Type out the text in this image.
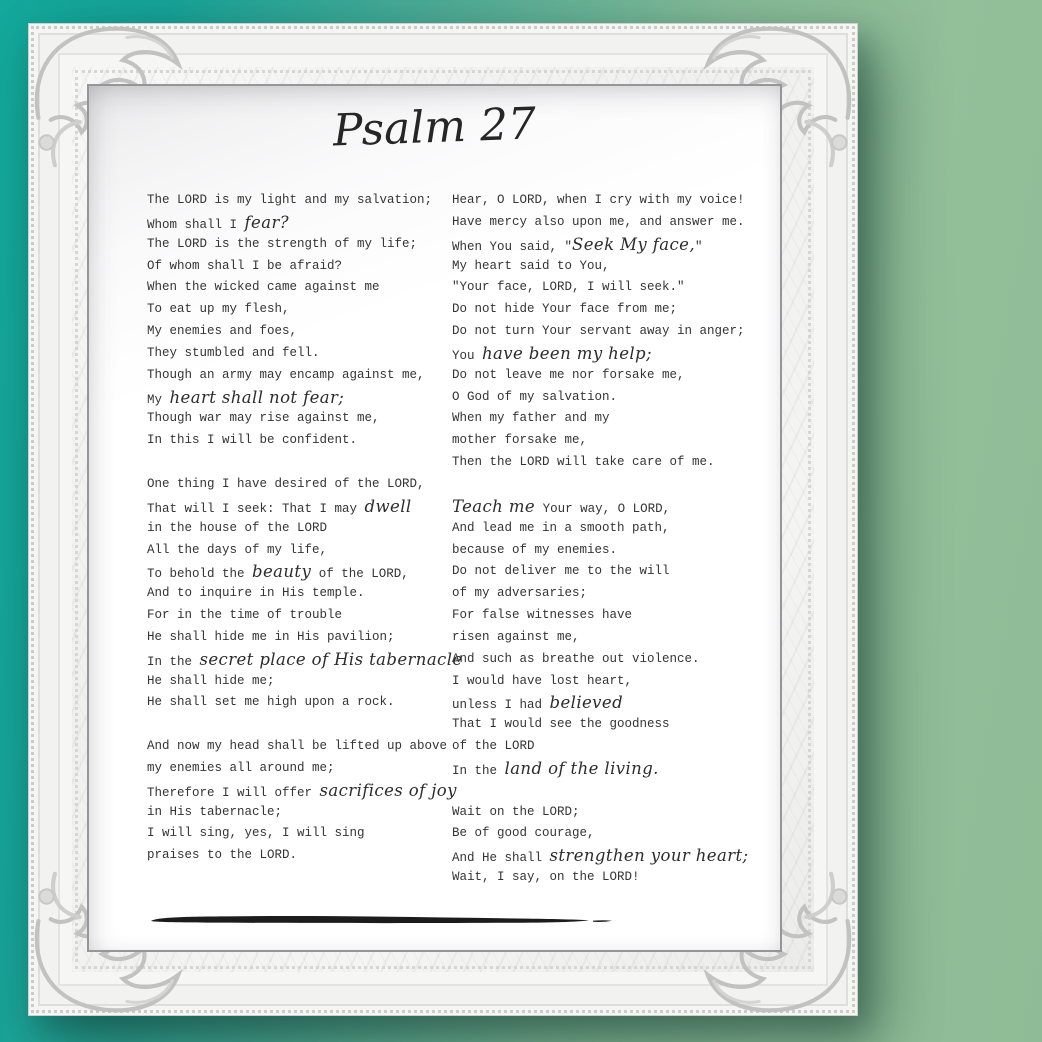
Psalm 27
The LORD is my light and my salvation;
Whom shall I fear?
The LORD is the strength of my life;
Of whom shall I be afraid?
When the wicked came against me
To eat up my flesh,
My enemies and foes,
They stumbled and fell.
Though an army may encamp against me,
My heart shall not fear;
Though war may rise against me,
In this I will be confident.
One thing I have desired of the LORD,
That will I seek: That I may dwell
in the house of the LORD
All the days of my life,
To behold the beauty of the LORD,
And to inquire in His temple.
For in the time of trouble
He shall hide me in His pavilion;
In the secret place of His tabernacle
He shall hide me;
He shall set me high upon a rock.
And now my head shall be lifted up above
my enemies all around me;
Therefore I will offer sacrifices of joy
in His tabernacle;
I will sing, yes, I will sing
praises to the LORD.
Hear, O LORD, when I cry with my voice!
Have mercy also upon me, and answer me.
When You said, "Seek My face,"
My heart said to You,
"Your face, LORD, I will seek."
Do not hide Your face from me;
Do not turn Your servant away in anger;
You have been my help;
Do not leave me nor forsake me,
O God of my salvation.
When my father and my
mother forsake me,
Then the LORD will take care of me.
Teach me Your way, O LORD,
And lead me in a smooth path,
because of my enemies.
Do not deliver me to the will
of my adversaries;
For false witnesses have
risen against me,
And such as breathe out violence.
I would have lost heart,
unless I had believed
That I would see the goodness
of the LORD
In the land of the living.
Wait on the LORD;
Be of good courage,
And He shall strengthen your heart;
Wait, I say, on the LORD!
